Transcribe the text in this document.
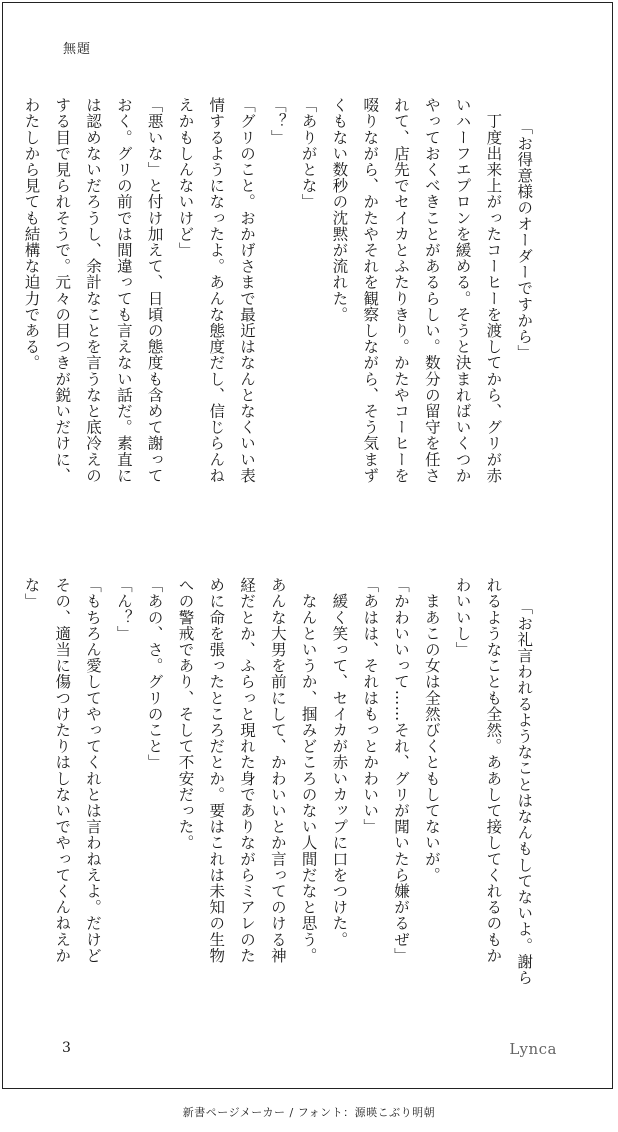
無題

「お得意様のオーダーですから」
　丁度出来上がったコーヒーを渡してから、グリが赤
いハーフエプロンを緩める。そうと決まればいくつか
やっておくべきことがあるらしい。数分の留守を任さ
れて、店先でセイカとふたりきり。かたやコーヒーを
啜りながら、かたやそれを観察しながら、そう気まず
くもない数秒の沈黙が流れた。
「ありがとな」
「？」
「グリのこと。おかげさまで最近はなんとなくいい表
情するようになったよ。あんな態度だし、信じらんね
えかもしんないけど」
「悪いな」と付け加えて、日頃の態度も含めて謝って
おく。グリの前では間違っても言えない話だ。素直に
は認めないだろうし、余計なことを言うなと底冷えの
する目で見られそうで。元々の目つきが鋭いだけに、
わたしから見ても結構な迫力である。

「お礼言われるようなことはなんもしてないよ。謝ら
れるようなことも全然。ああして接してくれるのもか
わいいし」
　まあこの女は全然びくともしてないが。
「かわいいって……それ、グリが聞いたら嫌がるぜ」
「あはは、それはもっとかわいい」
　緩く笑って、セイカが赤いカップに口をつけた。
　なんというか、掴みどころのない人間だなと思う。
あんな大男を前にして、かわいいとか言ってのける神
経だとか、ふらっと現れた身でありながらミアレのた
めに命を張ったところだとか。要はこれは未知の生物
への警戒であり、そして不安だった。
「あの、さ。グリのこと」
「ん？」
「もちろん愛してやってくれとは言わねえよ。だけど
その、適当に傷つけたりはしないでやってくんねえか
な」

3	Lynca
新書ページメーカー / フォント：源暎こぶり明朝
